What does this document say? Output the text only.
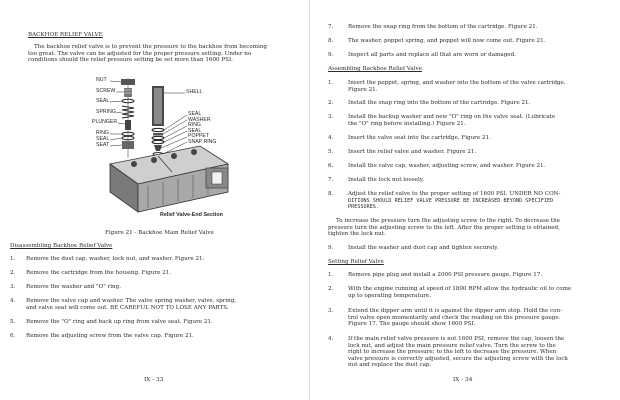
BACKHOE RELIEF VALVE
The backhoe relief valve is to prevent the pressure to the backhoe from becoming
too great. The valve can be adjusted for the proper pressure setting. Under no
conditions should the relief pressure setting be set more than 1600 PSI.
NUT
SCREW
SEAL
SPRING
PLUNGER
RING
SEAL
SEAT
SHELL
SEAL
WASHER
RING
SEAL
POPPET
SNAP RING
Relief Valve-End Section
Figure 21 - Backhoe Main Relief Valve
Disassembling Backhoe Relief Valve
1. Remove the dust cap, washer, lock nut, and washer. Figure 21.
2. Remove the cartridge from the housing. Figure 21.
3. Remove the washer and "O" ring.
4. Remove the valve cap and washer. The valve spring washer, valve, spring,
and valve seat will come out. BE CAREFUL NOT TO LOSE ANY PARTS.
5. Remove the "O" ring and back up ring from valve seat. Figure 21.
6. Remove the adjusting screw from the valve cap. Figure 21.
IX - 33
7.	Remove the snap ring from the bottom of the cartridge. Figure 21.
8.	The washer, poppet spring, and poppet will now come out. Figure 21.
9.	Inspect all parts and replace all that are worn or damaged.
Assembling Backhoe Relief Valve
1.	Insert the poppet, spring, and washer into the bottom of the valve cartridge.
Figure 21.
2.	Install the snap ring into the bottom of the cartridge. Figure 21.
3.	Install the backup washer and new "O" ring on the valve seat. (Lubricate
the "O" ring before installing.) Figure 21.
4.	Insert the valve seat into the cartridge. Figure 21.
5.	Insert the relief valve and washer. Figure 21.
6.	Install the valve cap, washer, adjusting screw, and washer. Figure 21.
7.	Install the lock nut loosely.
8.	Adjust the relief valve to the proper setting of 1600 PSI. UNDER NO CON-
DITIONS SHOULD RELIEF VALVE PRESSURE BE INCREASED BEYOND SPECIFIED
PRESSURES.
To increase the pressure turn the adjusting screw to the right. To decrease the
pressure turn the adjusting screw to the left. After the proper setting is obtained,
tighten the lock nut.
9.	Install the washer and dust cap and tighten securely.
Setting Relief Valve
1.	Remove pipe plug and install a 2000 PSI pressure gauge. Figure 17.
2.	With the engine running at speed of 1800 RPM allow the hydraulic oil to come
up to operating temperature.
3.	Extend the dipper arm until it is against the dipper arm stop. Hold the con-
trol valve open momentarily and check the reading on the pressure gauge.
Figure 17. The gauge should show 1600 PSI.
4.	If the main relief valve pressure is not 1600 PSI, remove the cap, loosen the
lock nut, and adjust the main pressure relief valve. Turn the screw to the
right to increase the pressure; to the left to decrease the pressure. When
valve pressure is correctly adjusted, secure the adjusting screw with the lock
nut and replace the dust cap.
IX - 34
